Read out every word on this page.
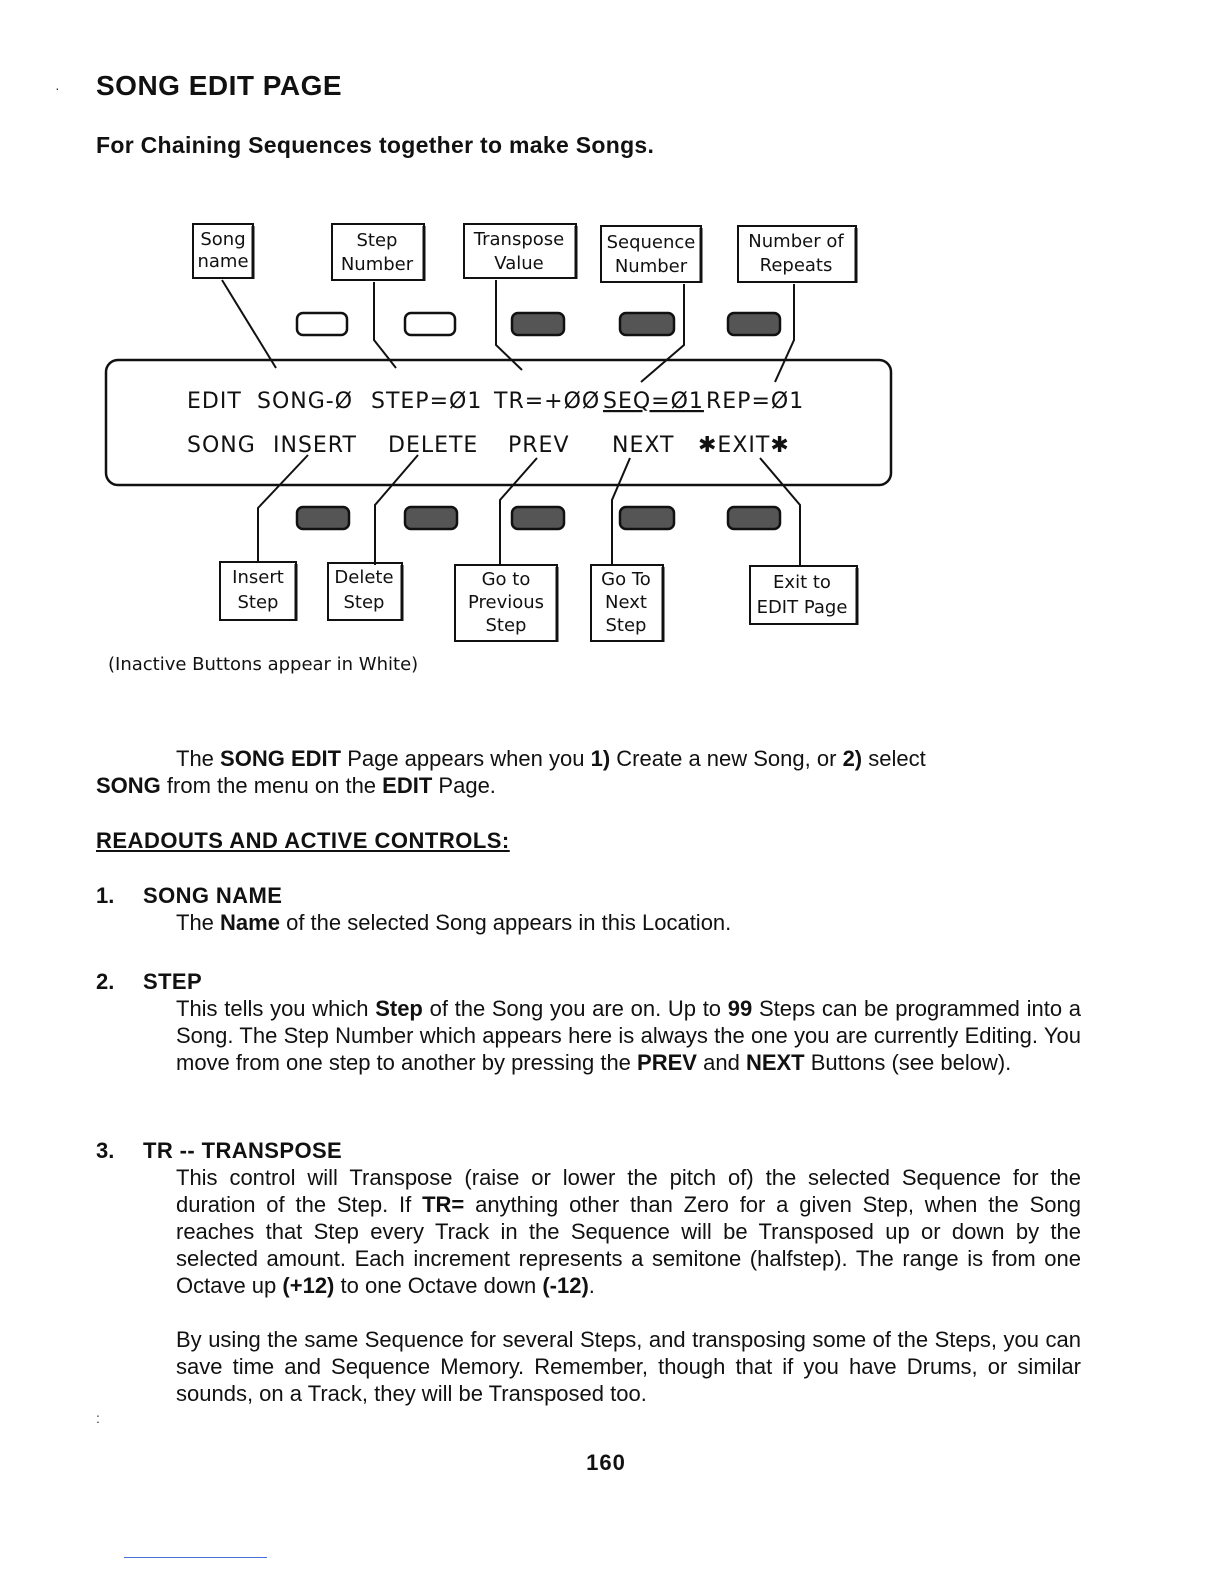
· SONG EDIT PAGE
For Chaining Sequences together to make Songs.
Song
name
Step
Number
Transpose
Value
Sequence
Number
Number of
Repeats
EDIT SONG-Ø STEP=Ø1 TR=+ØØ SEQ=Ø1 REP=Ø1
SONG INSERT DELETE PREV NEXT ✱EXIT✱
Insert
Step
Delete
Step
Go to
Previous
Step
Go To
Next
Step
Exit to
EDIT Page
(Inactive Buttons appear in White)
The SONG EDIT Page appears when you 1) Create a new Song, or 2) select
SONG from the menu on the EDIT Page.
READOUTS AND ACTIVE CONTROLS:
1. SONG NAME

The Name of the selected Song appears in this Location.

2. STEP

This tells you which Step of the Song you are on. Up to 99 Steps can be programmed into a Song. The Step Number which appears here is always the one you are currently Editing. You move from one step to another by pressing the PREV and NEXT Buttons (see below).

3. TR -- TRANSPOSE

This control will Transpose (raise or lower the pitch of) the selected Sequence for the duration of the Step. If TR= anything other than Zero for a given Step, when the Song reaches that Step every Track in the Sequence will be Transposed up or down by the selected amount. Each increment represents a semitone (halfstep). The range is from one Octave up (+12) to one Octave down (-12).

By using the same Sequence for several Steps, and transposing some of the Steps, you can save time and Sequence Memory. Remember, though that if you have Drums, or similar sounds, on a Track, they will be Transposed too.

:
160
